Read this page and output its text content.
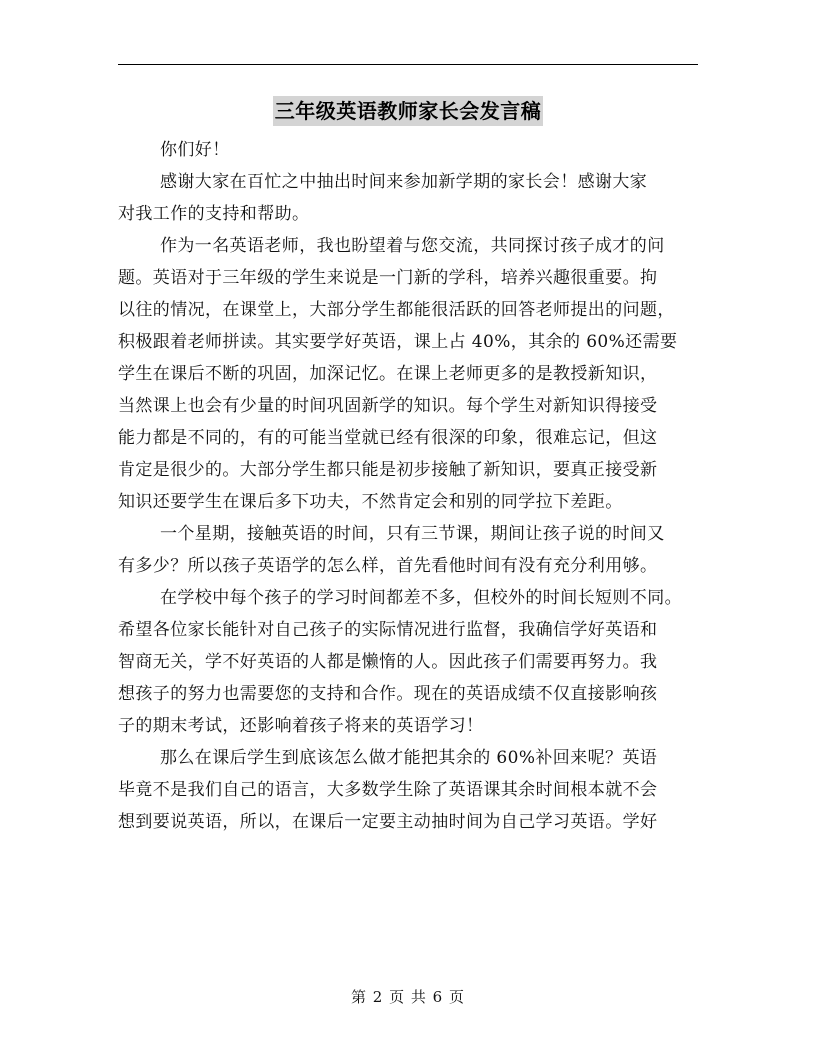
三年级英语教师家长会发言稿
你们好！
感谢大家在百忙之中抽出时间来参加新学期的家长会！感谢大家
对我工作的支持和帮助。
作为一名英语老师，我也盼望着与您交流，共同探讨孩子成才的问
题。英语对于三年级的学生来说是一门新的学科，培养兴趣很重要。拘
以往的情况，在课堂上，大部分学生都能很活跃的回答老师提出的问题，
积极跟着老师拼读。其实要学好英语，课上占 40%，其余的 60%还需要
学生在课后不断的巩固，加深记忆。在课上老师更多的是教授新知识，
当然课上也会有少量的时间巩固新学的知识。每个学生对新知识得接受
能力都是不同的，有的可能当堂就已经有很深的印象，很难忘记，但这
肯定是很少的。大部分学生都只能是初步接触了新知识，要真正接受新
知识还要学生在课后多下功夫，不然肯定会和别的同学拉下差距。
一个星期，接触英语的时间，只有三节课，期间让孩子说的时间又
有多少？所以孩子英语学的怎么样，首先看他时间有没有充分利用够。
在学校中每个孩子的学习时间都差不多，但校外的时间长短则不同。
希望各位家长能针对自己孩子的实际情况进行监督，我确信学好英语和
智商无关，学不好英语的人都是懒惰的人。因此孩子们需要再努力。我
想孩子的努力也需要您的支持和合作。现在的英语成绩不仅直接影响孩
子的期末考试，还影响着孩子将来的英语学习！
那么在课后学生到底该怎么做才能把其余的 60%补回来呢？英语
毕竟不是我们自己的语言，大多数学生除了英语课其余时间根本就不会
想到要说英语，所以，在课后一定要主动抽时间为自己学习英语。学好
第 2 页 共 6 页
